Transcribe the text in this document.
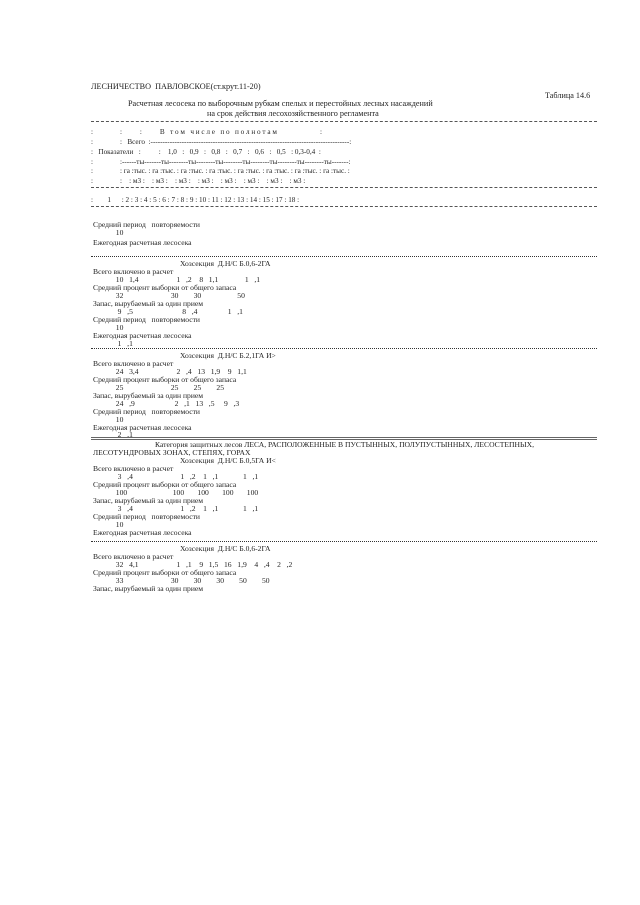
ЛЕСНИЧЕСТВО  ПАВЛОВСКОЕ(ст.крут.11-20)
Таблица 14.6
Расчетная лесосека по выборочным рубкам спелых и перестойных лесных насаждений
на срок действия лесохозяйственного регламента
:               :          :          В   т о м   ч и с л е   п о   п о л н о т а м                        :
:               :   Всего  :-----------------------------------------------------------------------------------:
:   Показатели   :          :    1,0   :   0,9   :   0,8   :   0,7   :   0,6   :   0,5   : 0,3-0,4  :
:               :------ты-------ты--------ты--------ты--------ты--------ты--------ты--------ты-------:
:               : га :тыс. : га :тыс. : га :тыс. : га :тыс. : га :тыс. : га :тыс. : га :тыс. : га :тыс. :
:               :    : м3 :    : м3 :    : м3 :    : м3 :    : м3 :    : м3 :    : м3 :    : м3 :
:        1      : 2 : 3 : 4 : 5 : 6 : 7 : 8 : 9 : 10 : 11 : 12 : 13 : 14 : 15 : 17 : 18 :
Средний период   повторяемости
10
Ежегодная расчетная лесосека
Хозсекция  Д.Н/С Б.0,6-2ГА
Всего включено в расчет
10   1,4                    1   ,2    8   1,1              1   ,1
Средний процент выборки от общего запаса
32                         30        30                   50
Запас, вырубаемый за один прием
9   ,5                          8   ,4                1   ,1
Средний период   повторяемости
10
Ежегодная расчетная лесосека
1   ,1
Хозсекция  Д.Н/С Б.2,1ГА И>
Всего включено в расчет
24   3,4                    2   ,4   13   1,9    9   1,1
Средний процент выборки от общего запаса
25                         25        25        25
Запас, вырубаемый за один прием
24   ,9                     2   ,1   13   ,5     9   ,3
Средний период   повторяемости
10
Ежегодная расчетная лесосека
2   ,1
Категория защитных лесов ЛЕСА, РАСПОЛОЖЕННЫЕ В ПУСТЫННЫХ, ПОЛУПУСТЫННЫХ, ЛЕСОСТЕПНЫХ,
ЛЕСОТУНДРОВЫХ ЗОНАХ, СТЕПЯХ, ГОРАХ
Хозсекция  Д.Н/С Б.0,5ГА И<
Всего включено в расчет
3   ,4                         1   ,2    1   ,1             1   ,1
Средний процент выборки от общего запаса
100                        100       100       100       100
Запас, вырубаемый за один прием
3   ,4                         1   ,2    1   ,1             1   ,1
Средний период   повторяемости
10
Ежегодная расчетная лесосека
Хозсекция  Д.Н/С Б.0,6-2ГА
Всего включено в расчет
32   4,1                    1   ,1    9   1,5   16   1,9    4   ,4    2   ,2
Средний процент выборки от общего запаса
33                         30        30        30        50        50
Запас, вырубаемый за один прием
